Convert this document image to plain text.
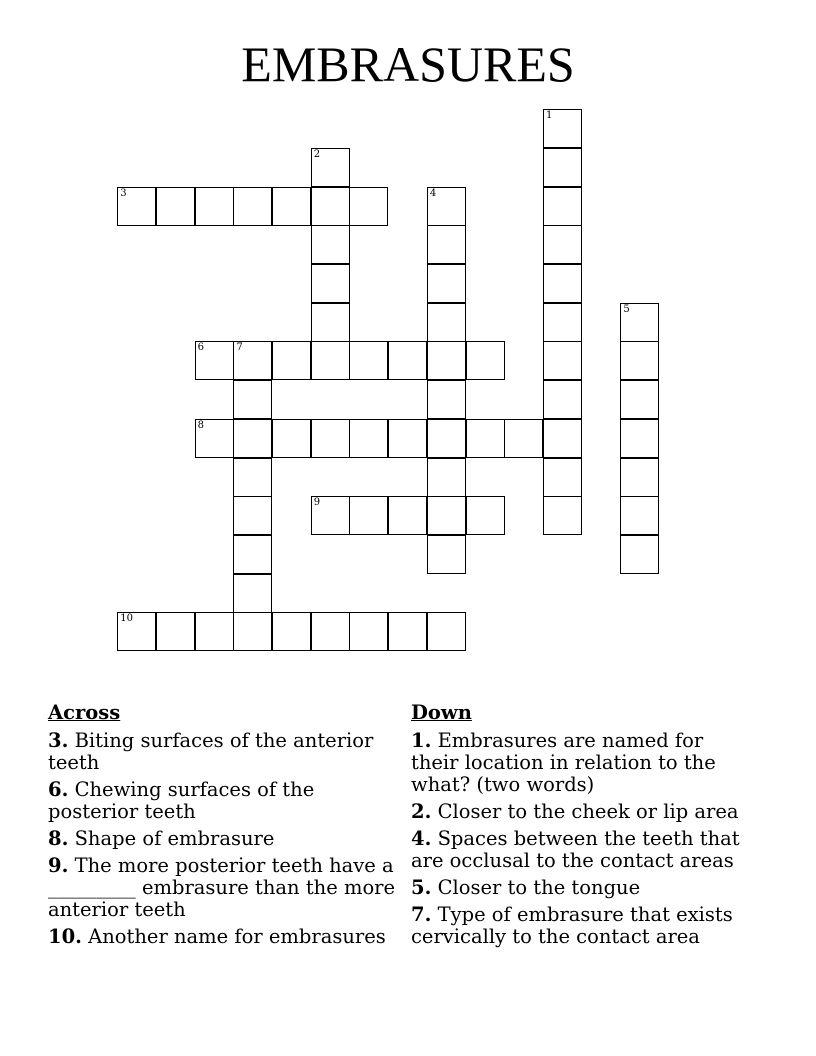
EMBRASURES
3
6	7
8
9
10
1
2
4
5
Across
3. Biting surfaces of the anterior teeth
6. Chewing surfaces of the posterior teeth
8. Shape of embrasure
9. The more posterior teeth have a _________ embrasure than the more anterior teeth
10. Another name for embrasures
Down
1. Embrasures are named for their location in relation to the what? (two words)
2. Closer to the cheek or lip area
4. Spaces between the teeth that are occlusal to the contact areas
5. Closer to the tongue
7. Type of embrasure that exists cervically to the contact area
